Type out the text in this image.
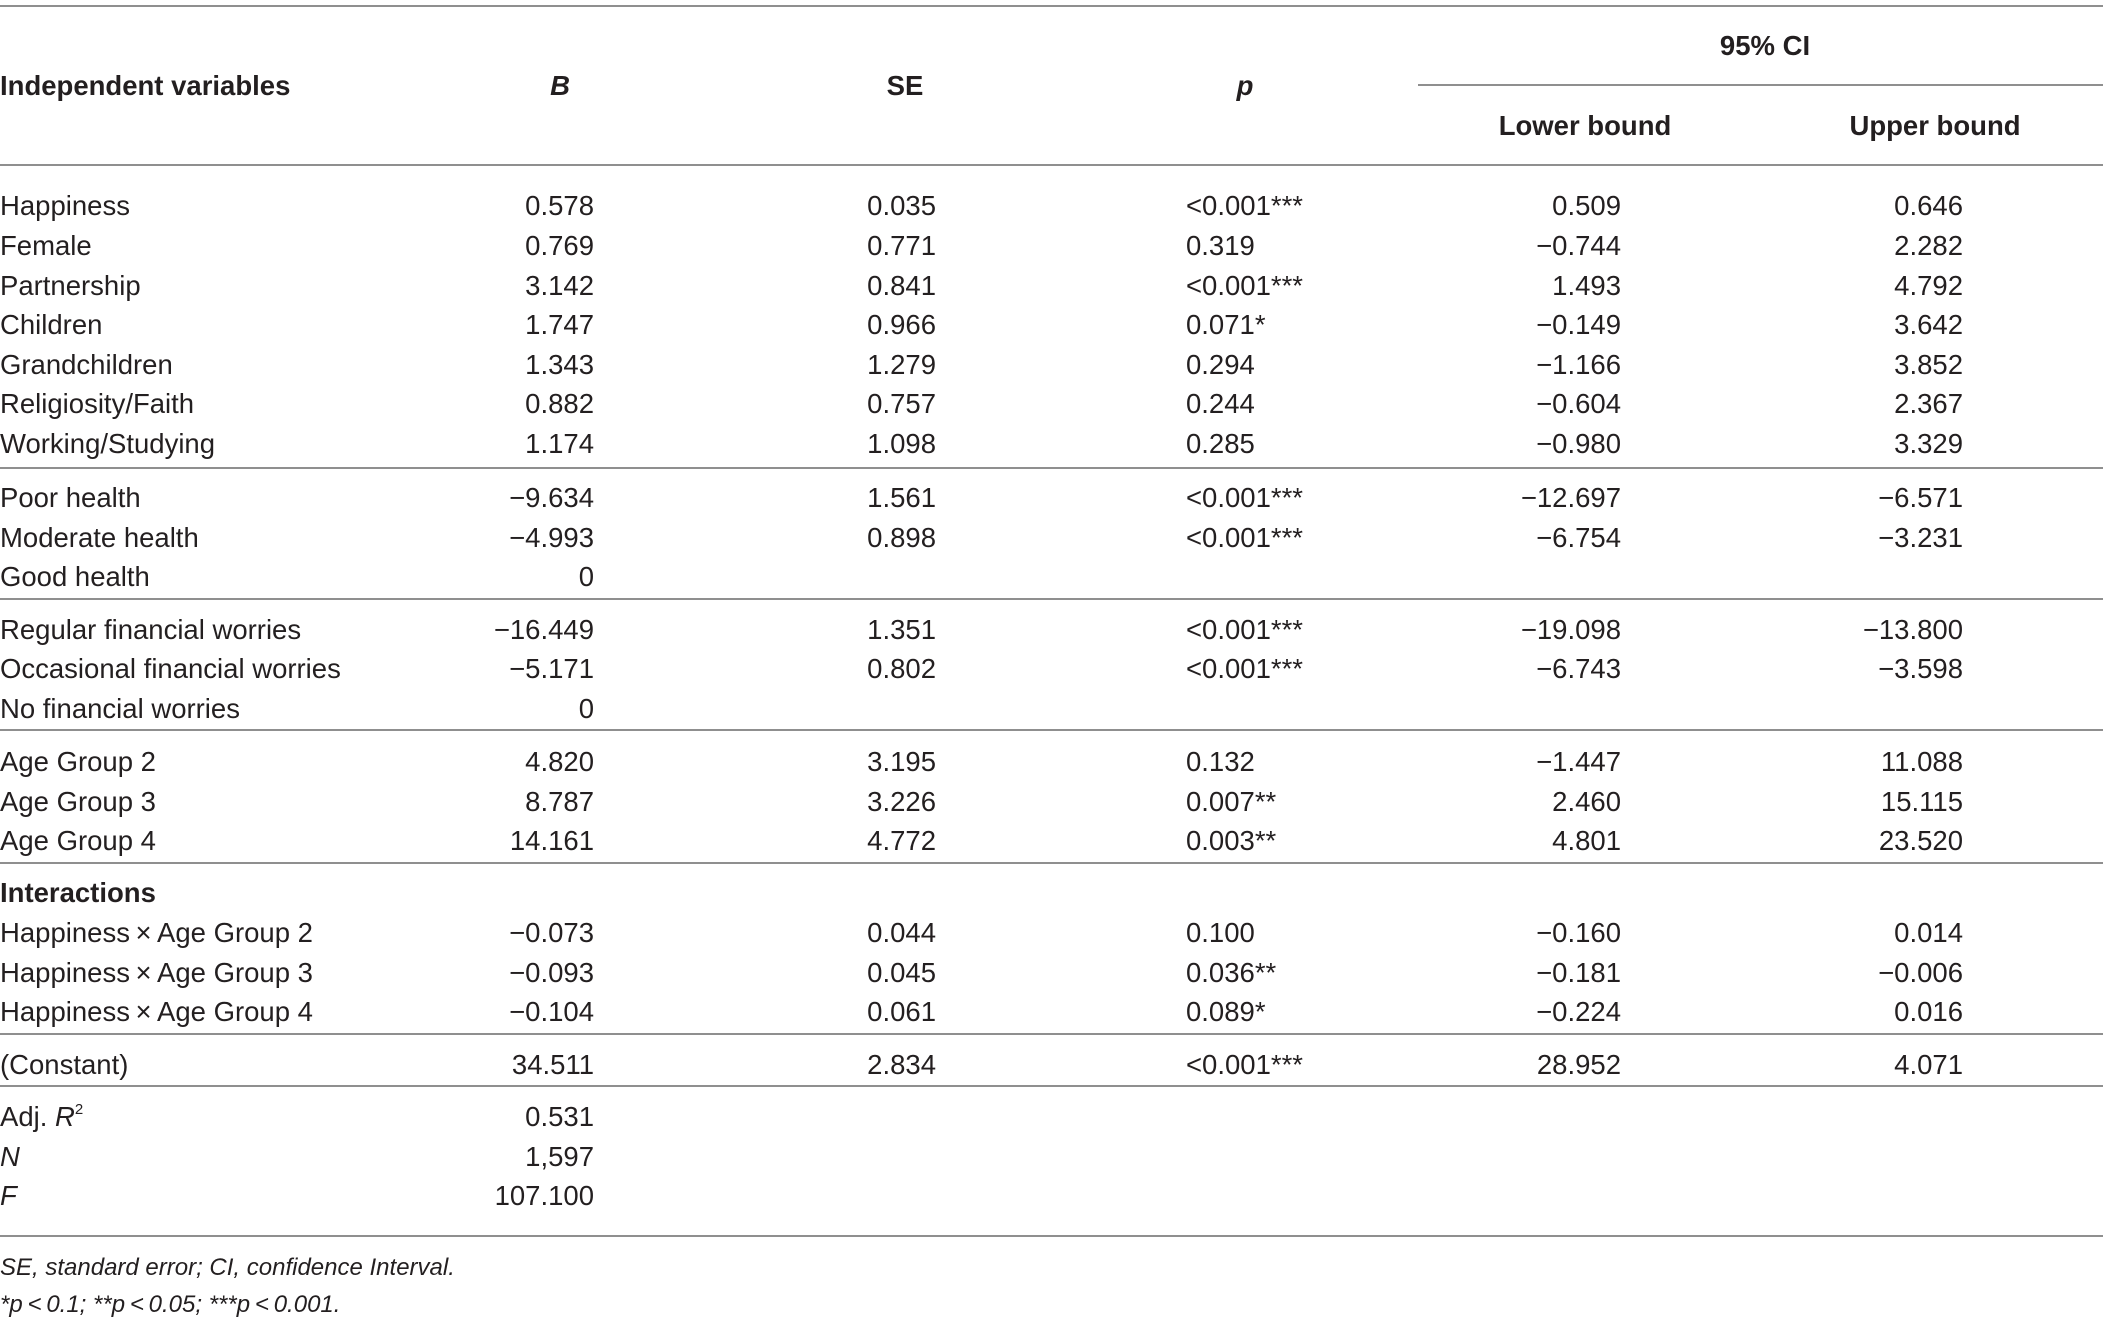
Independent variables	B	SE	p
95% CI
Lower bound	Upper bound
Happiness	0.578	0.035	<0.001***	0.509	0.646
Female	0.769	0.771	0.319	−0.744	2.282
Partnership	3.142	0.841	<0.001***	1.493	4.792
Children	1.747	0.966	0.071*	−0.149	3.642
Grandchildren	1.343	1.279	0.294	−1.166	3.852
Religiosity/Faith	0.882	0.757	0.244	−0.604	2.367
Working/Studying	1.174	1.098	0.285	−0.980	3.329
Poor health	−9.634	1.561	<0.001***	−12.697	−6.571
Moderate health	−4.993	0.898	<0.001***	−6.754	−3.231
Good health	0
Regular financial worries	−16.449	1.351	<0.001***	−19.098	−13.800
Occasional financial worries	−5.171	0.802	<0.001***	−6.743	−3.598
No financial worries	0
Age Group 2	4.820	3.195	0.132	−1.447	11.088
Age Group 3	8.787	3.226	0.007**	2.460	15.115
Age Group 4	14.161	4.772	0.003**	4.801	23.520
Interactions
Happiness × Age Group 2	−0.073	0.044	0.100	−0.160	0.014
Happiness × Age Group 3	−0.093	0.045	0.036**	−0.181	−0.006
Happiness × Age Group 4	−0.104	0.061	0.089*	−0.224	0.016
(Constant)	34.511	2.834	<0.001***	28.952	4.071
Adj. $R^2$	0.531
N	1,597
F	107.100
SE, standard error; CI, confidence Interval.
*p < 0.1; **p < 0.05; ***p < 0.001.
